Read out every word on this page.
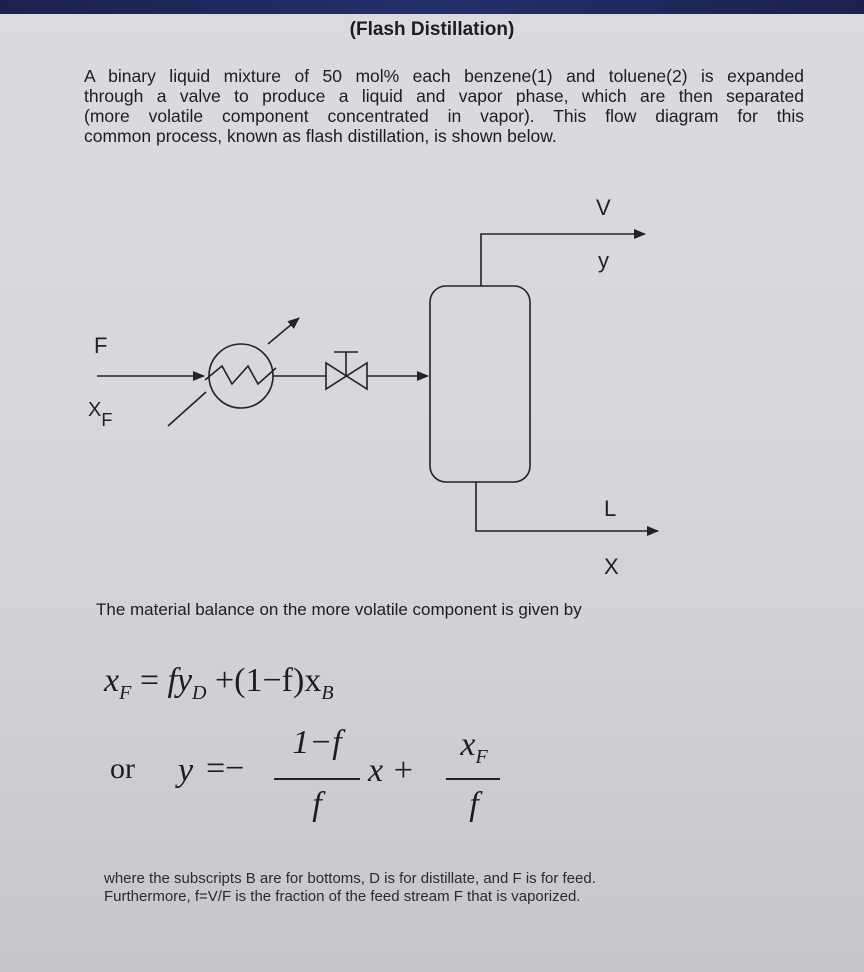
(Flash Distillation)
A binary liquid mixture of 50 mol% each benzene(1) and toluene(2) is expanded
through a valve to produce a liquid and vapor phase, which are then separated
(more volatile component concentrated in vapor). This flow diagram for this
common process, known as flash distillation, is shown below.
F
XF
V
y
L
X
The material balance on the more volatile component is given by
$x_F = fy_D +(1-f)x_B$
or y =−
1−f
f
x +
$x_F$
f
where the subscripts B are for bottoms, D is for distillate, and F is for feed.
Furthermore, f=V/F is the fraction of the feed stream F that is vaporized.
